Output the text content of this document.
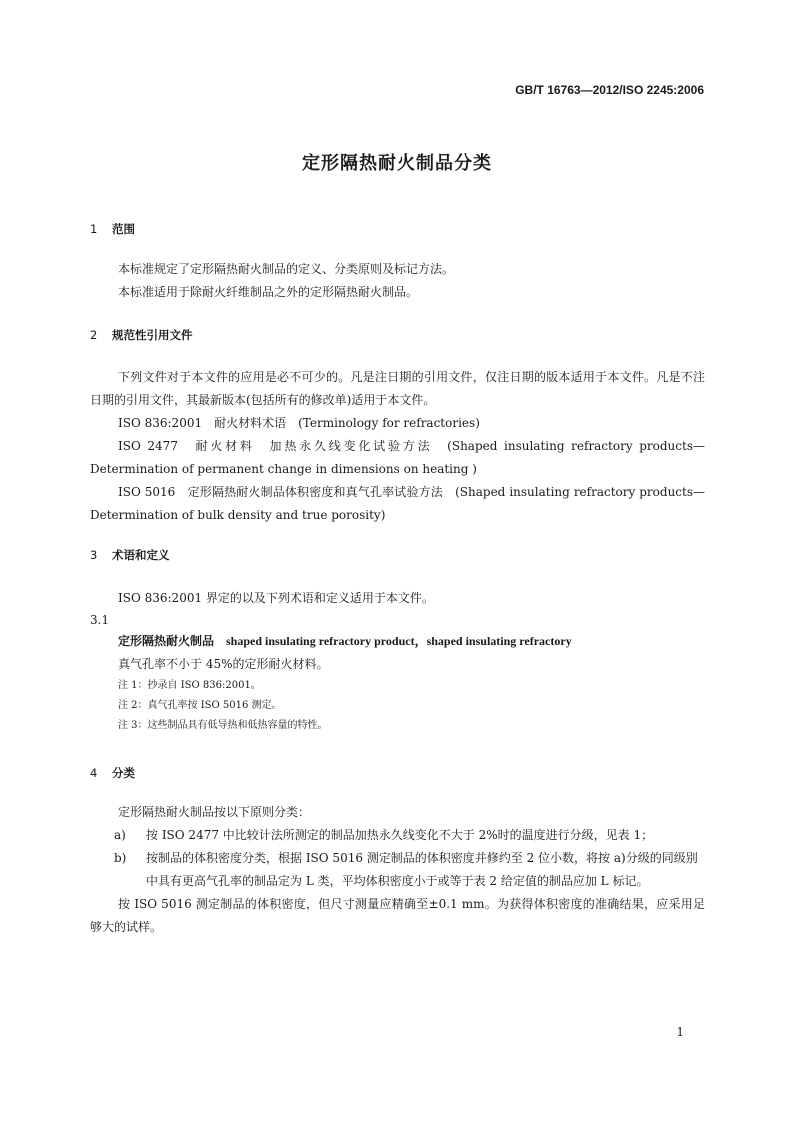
GB/T 16763—2012/ISO 2245:2006
定形隔热耐火制品分类
1 范围

本标准规定了定形隔热耐火制品的定义、分类原则及标记方法。

本标准适用于除耐火纤维制品之外的定形隔热耐火制品。

2 规范性引用文件

下列文件对于本文件的应用是必不可少的。凡是注日期的引用文件，仅注日期的版本适用于本文件。凡是不注日期的引用文件，其最新版本(包括所有的修改单)适用于本文件。

ISO 836:2001　耐火材料术语　(Terminology for refractories)

ISO 2477　耐火材料　加热永久线变化试验方法　(Shaped insulating refractory products—Determination of permanent change in dimensions on heating )

ISO 5016　定形隔热耐火制品体积密度和真气孔率试验方法　(Shaped insulating refractory products—Determination of bulk density and true porosity)

3 术语和定义

ISO 836:2001 界定的以及下列术语和定义适用于本文件。

3.1

定形隔热耐火制品 shaped insulating refractory product，shaped insulating refractory

真气孔率不小于 45%的定形耐火材料。

注 1：抄录自 ISO 836:2001。

注 2：真气孔率按 ISO 5016 测定。

注 3：这些制品具有低导热和低热容量的特性。

4 分类

定形隔热耐火制品按以下原则分类：

a) 按 ISO 2477 中比较计法所测定的制品加热永久线变化不大于 2%时的温度进行分级，见表 1；

b) 按制品的体积密度分类，根据 ISO 5016 测定制品的体积密度并修约至 2 位小数，将按 a)分级的同级别中具有更高气孔率的制品定为 L 类，平均体积密度小于或等于表 2 给定值的制品应加 L 标记。

按 ISO 5016 测定制品的体积密度，但尺寸测量应精确至±0.1 mm。为获得体积密度的准确结果，应采用足够大的试样。

1
